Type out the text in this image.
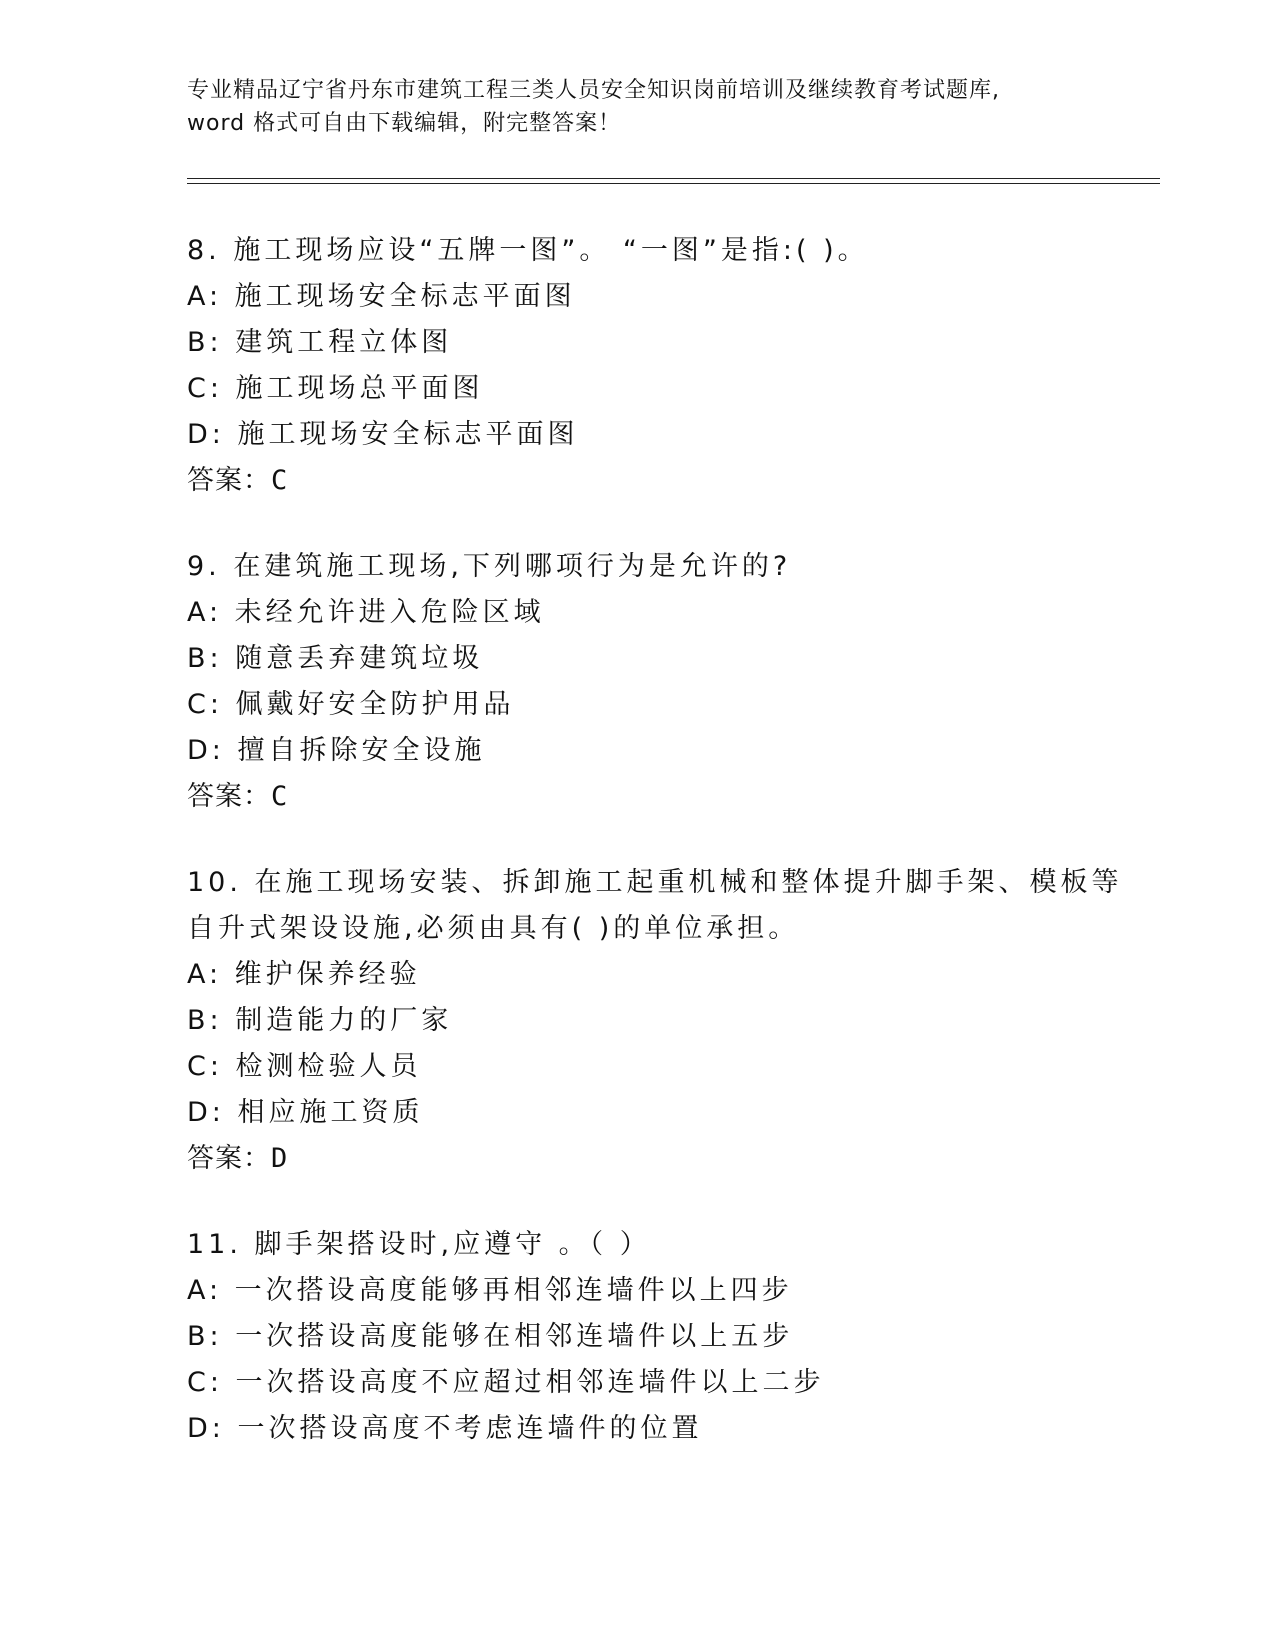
专业精品辽宁省丹东市建筑工程三类人员安全知识岗前培训及继续教育考试题库,
word 格式可自由下载编辑，附完整答案！
8. 施工现场应设“五牌一图”。 “一图”是指:( )。
A: 施工现场安全标志平面图
B: 建筑工程立体图
C: 施工现场总平面图
D: 施工现场安全标志平面图
答案：C
9. 在建筑施工现场,下列哪项行为是允许的?
A: 未经允许进入危险区域
B: 随意丢弃建筑垃圾
C: 佩戴好安全防护用品
D: 擅自拆除安全设施
答案：C
10. 在施工现场安装、拆卸施工起重机械和整体提升脚手架、模板等
自升式架设设施,必须由具有( )的单位承担。
A: 维护保养经验
B: 制造能力的厂家
C: 检测检验人员
D: 相应施工资质
答案：D
11. 脚手架搭设时,应遵守 。（ ）
A: 一次搭设高度能够再相邻连墙件以上四步
B: 一次搭设高度能够在相邻连墙件以上五步
C: 一次搭设高度不应超过相邻连墙件以上二步
D: 一次搭设高度不考虑连墙件的位置
